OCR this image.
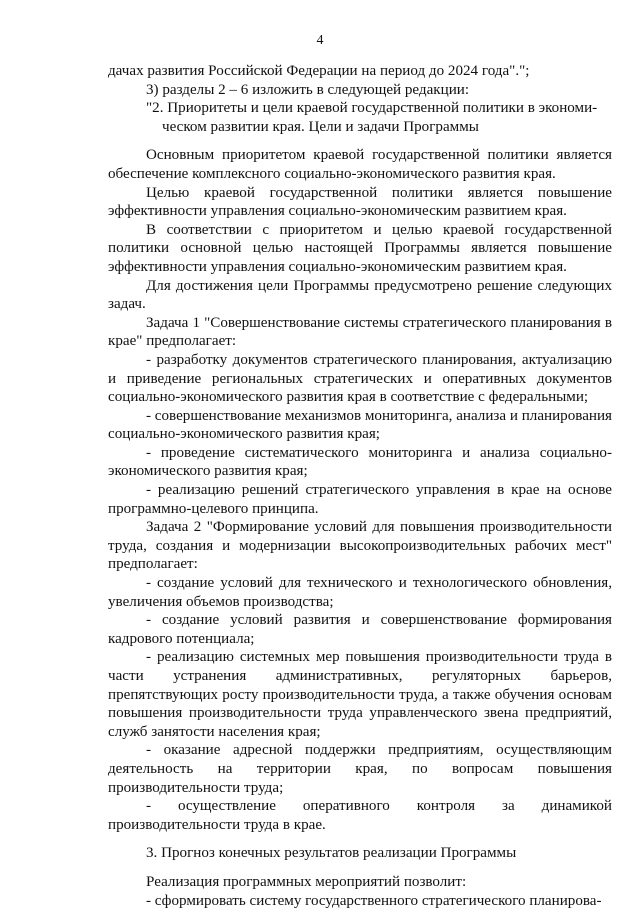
4

дачах развития Российской Федерации на период до 2024 года".";

3) разделы 2 – 6 изложить в следующей редакции:

"2. Приоритеты и цели краевой государственной политики в экономи-
ческом развитии края. Цели и задачи Программы

Основным приоритетом краевой государственной политики является обеспечение комплексного социально-экономического развития края.

Целью краевой государственной политики является повышение эффективности управления социально-экономическим развитием края.

В соответствии с приоритетом и целью краевой государственной политики основной целью настоящей Программы является повышение эффективности управления социально-экономическим развитием края.

Для достижения цели Программы предусмотрено решение следующих задач.

Задача 1 "Совершенствование системы стратегического планирования в крае" предполагает:

- разработку документов стратегического планирования, актуализацию и приведение региональных стратегических и оперативных документов социально-экономического развития края в соответствие с федеральными;

- совершенствование механизмов мониторинга, анализа и планирования социально-экономического развития края;

- проведение систематического мониторинга и анализа социально-экономического развития края;

- реализацию решений стратегического управления в крае на основе программно-целевого принципа.

Задача 2 "Формирование условий для повышения производительности труда, создания и модернизации высокопроизводительных рабочих мест" предполагает:

- создание условий для технического и технологического обновления, увеличения объемов производства;

- создание условий развития и совершенствование формирования кадрового потенциала;

- реализацию системных мер повышения производительности труда в части устранения административных, регуляторных барьеров, препятствующих росту производительности труда, а также обучения основам повышения производительности труда управленческого звена предприятий, служб занятости населения края;

- оказание адресной поддержки предприятиям, осуществляющим деятельность на территории края, по вопросам повышения производительности труда;

- осуществление оперативного контроля за динамикой производительности труда в крае.

3. Прогноз конечных результатов реализации Программы

Реализация программных мероприятий позволит:

- сформировать систему государственного стратегического планирова-
